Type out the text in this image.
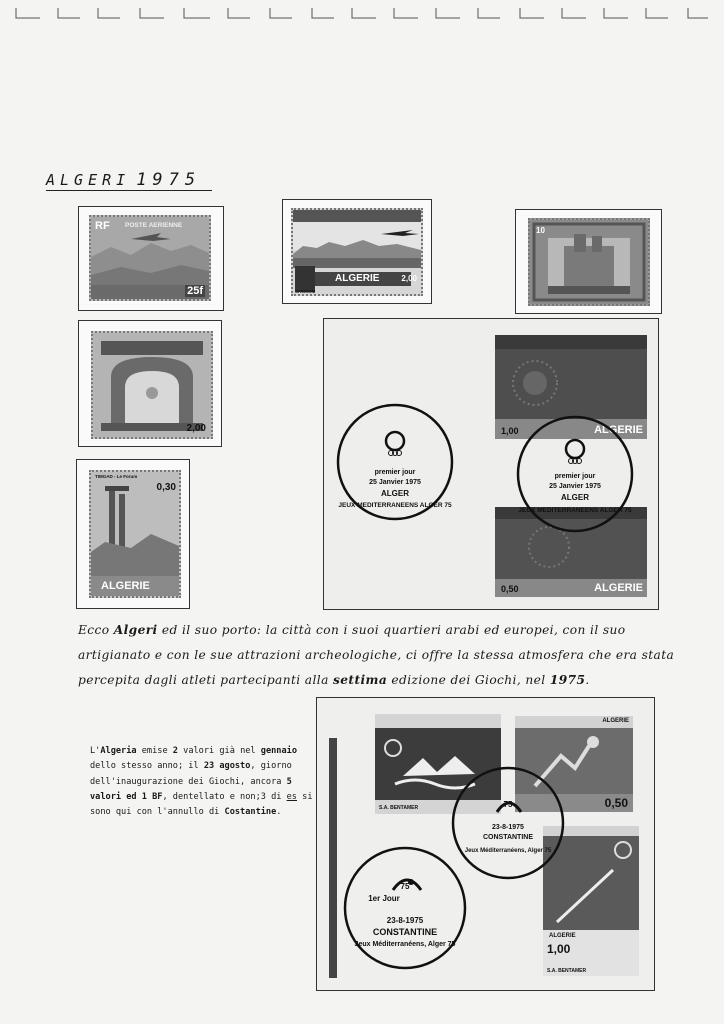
ALGERI 1975
RF POSTE AERIENNE
25f
ALGERIE	2,00
SAMSOM
10
2,00
TIMGAD - Le Forum
0,30
ALGERIE
1,00	ALGERIE
0,50	ALGERIE
premier jour
25 Janvier 1975
ALGER
JEUX MEDITERRANEENS ALGER 75
premier jour
25 Janvier 1975
ALGER
JEUX MEDITERRANEENS ALGER 75
Ecco Algeri ed il suo porto: la città con i suoi quartieri arabi ed europei, con il suo artigianato e con le sue attrazioni archeologiche, ci offre la stessa atmosfera che era stata percepita dagli atleti partecipanti alla settima edizione dei Giochi, nel 1975.
L'Algeria emise 2 valori già nel gennaio dello stesso anno; il 23 agosto, giorno dell'inaugurazione dei Giochi, ancora 5 valori ed 1 BF, dentellato e non;3 di es si sono qui con l'annullo di Costantine.	S.A. BENTAMER
ALGERIE
0,50
ALGERIE
1,00
S.A. BENTAMER
75
23-8-1975
CONSTANTINE
Jeux Méditerranéens, Alger 75
75
1er Jour
23-8-1975
CONSTANTINE
Jeux Méditerranéens, Alger 75
